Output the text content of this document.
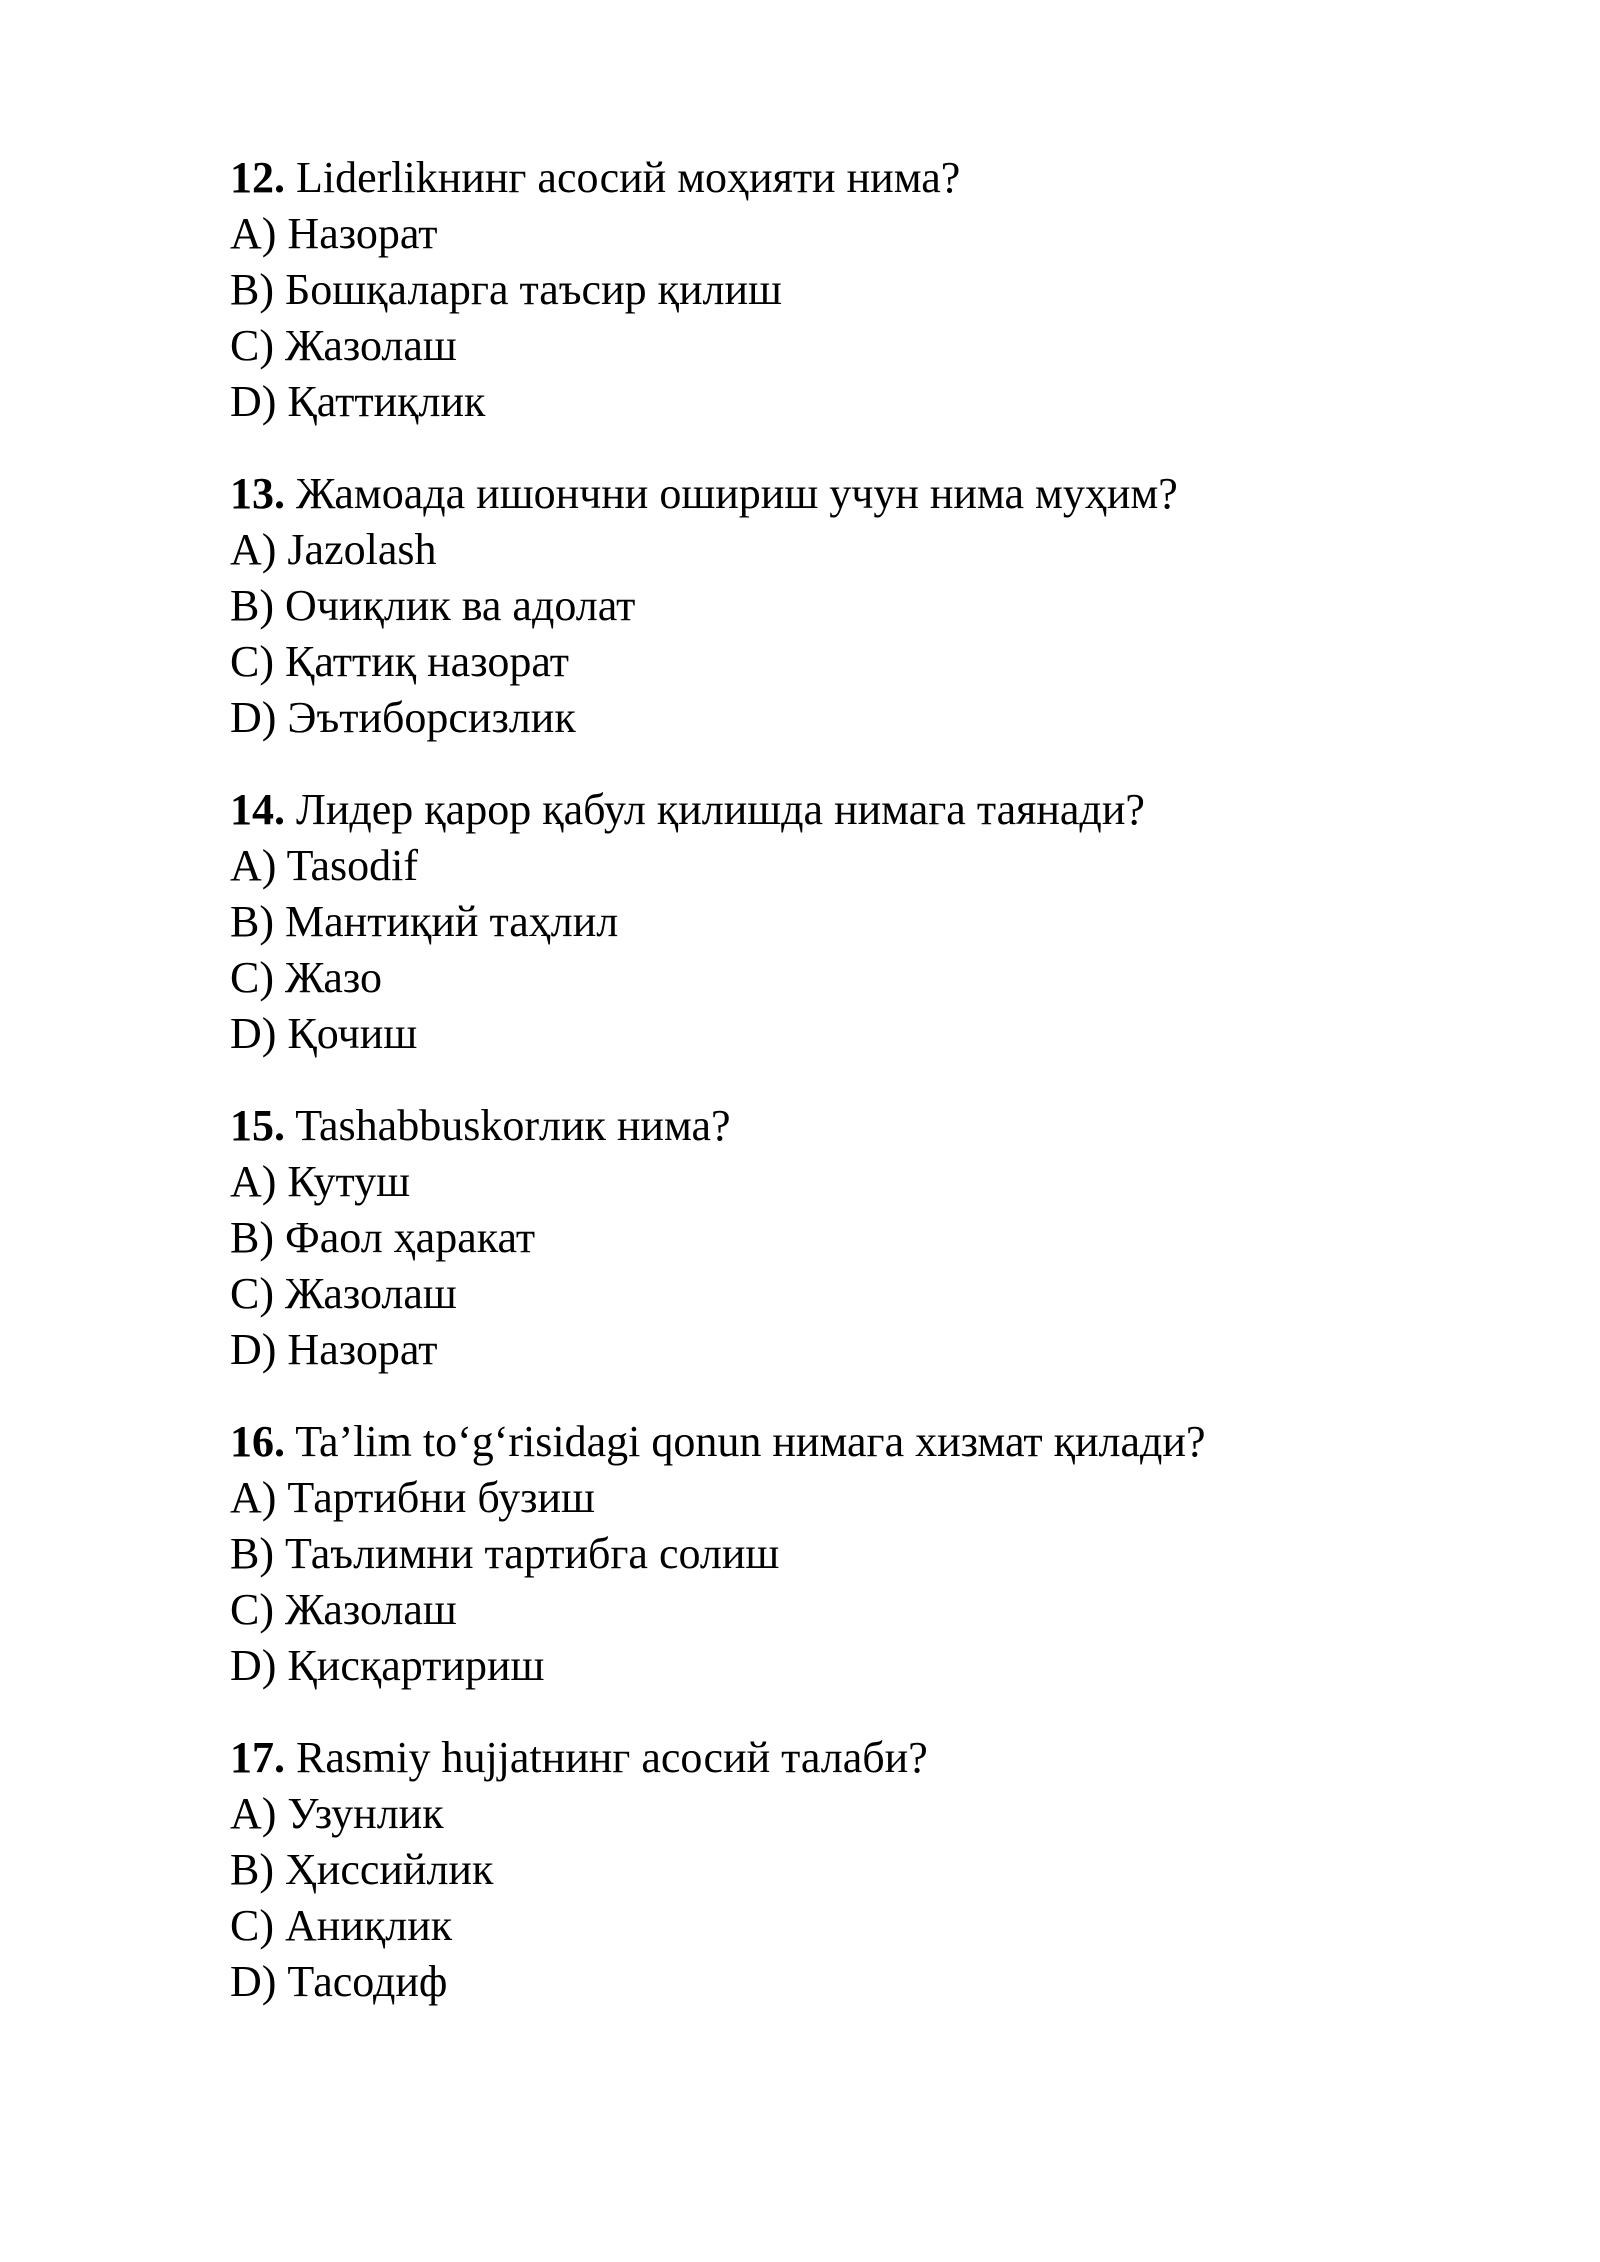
12. Liderlikнинг асосий моҳияти нима?
A) Назорат
B) Бошқаларга таъсир қилиш
C) Жазолаш
D) Қаттиқлик
13. Жамоада ишончни ошириш учун нима муҳим?
A) Jazolash
B) Очиқлик ва адолат
C) Қаттиқ назорат
D) Эътиборсизлик
14. Лидер қарор қабул қилишда нимага таянади?
A) Tasodif
B) Мантиқий таҳлил
C) Жазо
D) Қочиш
15. Tashabbuskorлик нима?
A) Кутуш
B) Фаол ҳаракат
C) Жазолаш
D) Назорат
16. Ta’lim to‘g‘risidagi qonun нимага хизмат қилади?
A) Тартибни бузиш
B) Таълимни тартибга солиш
C) Жазолаш
D) Қисқартириш
17. Rasmiy hujjatнинг асосий талаби?
A) Узунлик
B) Ҳиссийлик
C) Аниқлик
D) Тасодиф
